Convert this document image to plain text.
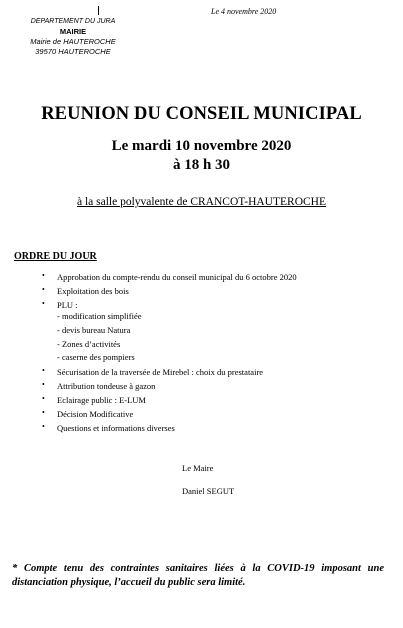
DEPARTEMENT DU JURA
MAIRIE
Mairie de HAUTEROCHE
39570 HAUTEROCHE
Le 4 novembre 2020
REUNION DU CONSEIL MUNICIPAL
Le mardi 10 novembre 2020
à 18 h 30
à la salle polyvalente de CRANCOT-HAUTEROCHE
ORDRE DU JOUR
• Approbation du compte-rendu du conseil municipal du 6 octobre 2020
• Exploitation des bois
• PLU :
- modification simplifiée
- devis bureau Natura
- Zones d’activités
- caserne des pompiers
• Sécurisation de la traversée de Mirebel : choix du prestataire
• Attribution tondeuse à gazon
• Eclairage public : E-LUM
• Décision Modificative
• Questions et informations diverses
Le Maire
Daniel SEGUT
* Compte tenu des contraintes sanitaires liées à la COVID-19 imposant une distanciation physique, l’accueil du public sera limité.
